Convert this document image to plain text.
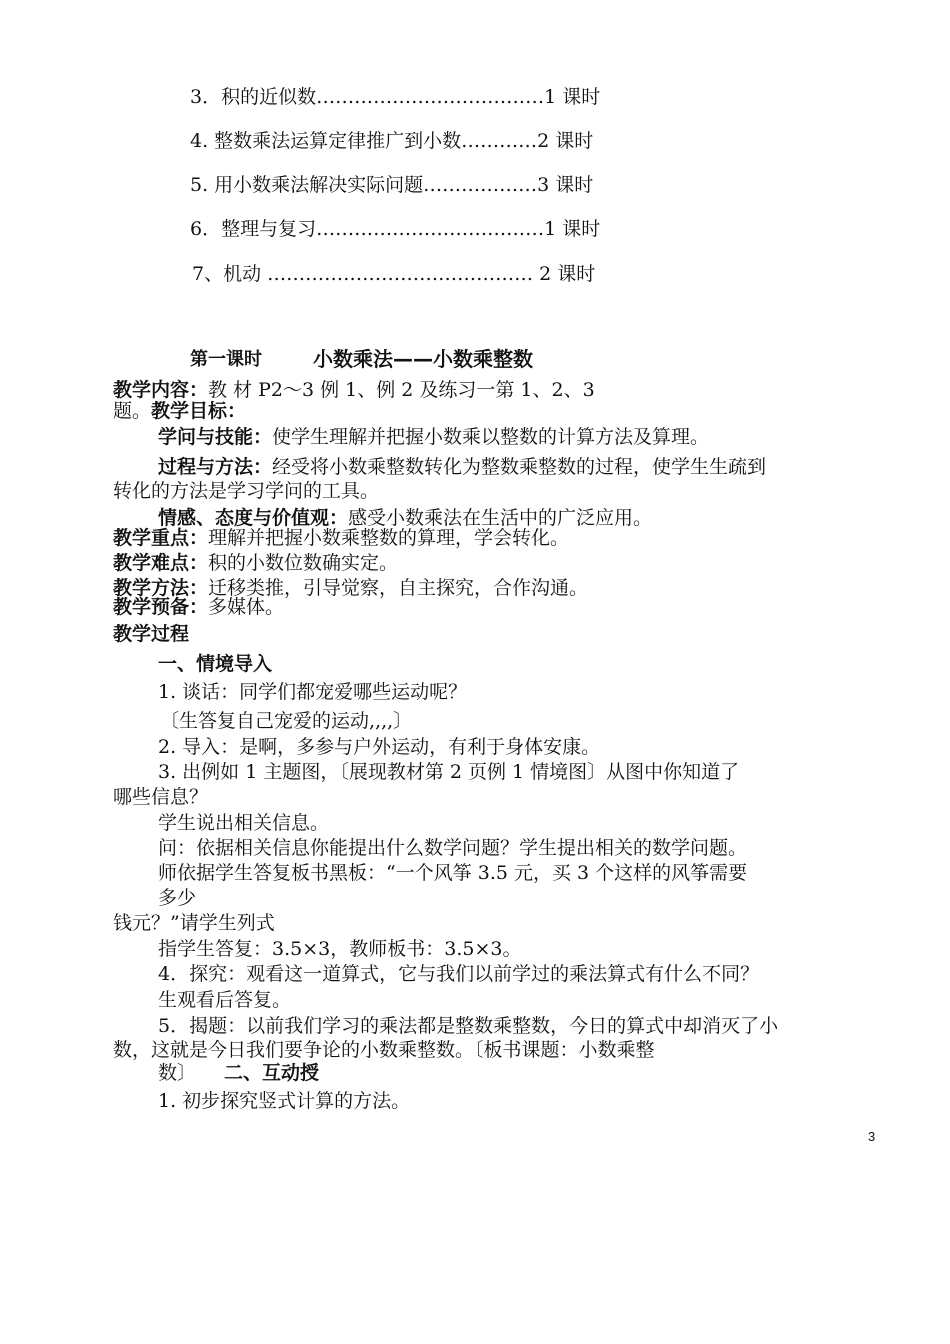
3．积的近似数………………………………1 课时
4. 整数乘法运算定律推广到小数…………2 课时
5. 用小数乘法解决实际问题………………3 课时
6．整理与复习………………………………1 课时
7、机动 …………………………………… 2 课时
第一课时	小数乘法——小数乘整数
教学内容：教 材 P2～3 例 1、例 2 及练习一第 1、2、3
题。教学目标：
学问与技能：使学生理解并把握小数乘以整数的计算方法及算理。
过程与方法：经受将小数乘整数转化为整数乘整数的过程，使学生生疏到
转化的方法是学习学问的工具。
情感、态度与价值观：感受小数乘法在生活中的广泛应用。
教学重点：理解并把握小数乘整数的算理，学会转化。
教学难点：积的小数位数确实定。
教学方法：迁移类推，引导觉察，自主探究，合作沟通。
教学预备：多媒体。
教学过程
一、情境导入
1. 谈话：同学们都宠爱哪些运动呢？
〔生答复自己宠爱的运动,,,,〕
2. 导入：是啊，多参与户外运动，有利于身体安康。
3. 出例如 1 主题图，〔展现教材第 2 页例 1 情境图〕从图中你知道了
哪些信息？
学生说出相关信息。
问：依据相关信息你能提出什么数学问题？学生提出相关的数学问题。
师依据学生答复板书黑板：“一个风筝 3.5 元，买 3 个这样的风筝需要
多少
钱元？”请学生列式
指学生答复：3.5×3，教师板书：3.5×3。
4．探究：观看这一道算式，它与我们以前学过的乘法算式有什么不同？
生观看后答复。
5．揭题：以前我们学习的乘法都是整数乘整数，今日的算式中却消灭了小
数，这就是今日我们要争论的小数乘整数。〔板书课题：小数乘整
数〕 二、互动授
1. 初步探究竖式计算的方法。
3
